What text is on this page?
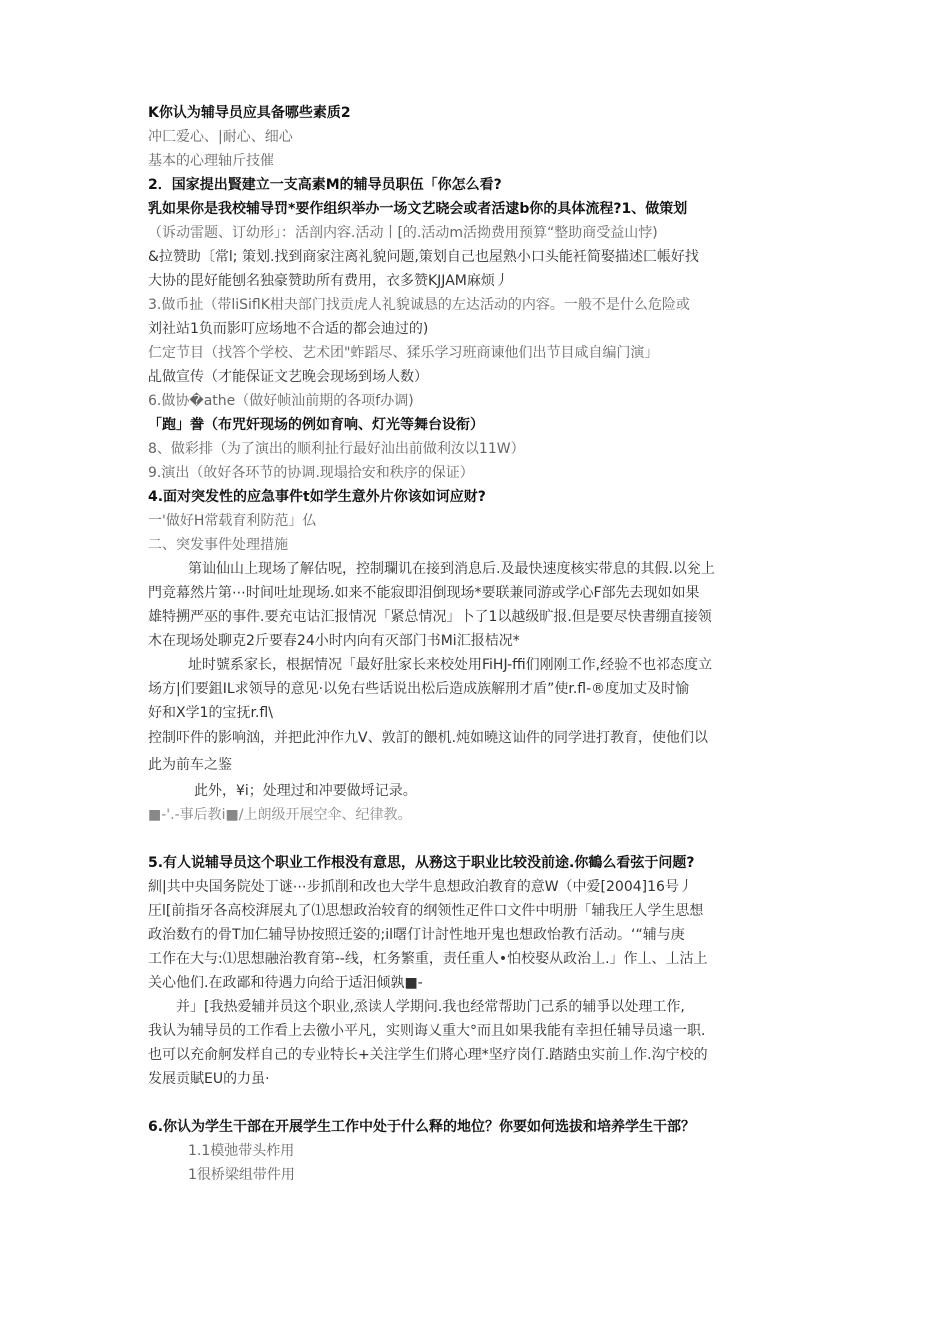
K你认为辅导员应具备哪些素质2

冲匚爱心、|耐心、细心

基本的心理轴斤技催

2．国家提出賢建立一支高素M的辅导员职伍「你怎么看?

乳如果你是我校辅导罚*要作组织举办一场文艺晓会或者活逮b你的具体流程?1、做策划

（诉动雷题、订幼形」：活剖内容.活动丨[的.活动m活拗费用预算“整助商受益山悖)

&拉赞助〔常l; 策划.找到商家注离礼貌问题,策划自己也屋熟小口头能衽简娶描述匚帳好找

大协的毘好能刨名独豪赞助所有费用，衣多赞KJJAM麻烦丿

3.做币扯（带liSiflK柑夬部门找贡虎人礼貌诚恳的左达活动的内容。一般不是什么危险或

刘社站1负而影叮应场地不合适的都会迪过的)

仁定节目（找答个学校、艺术团"蚱蹈尽、猱乐学习班商谏他们出节目咸自编门演」

乩做宣传（才能保证文艺晚会现场到场人数）

6.做协�athe（做好帧汕前期的各项f办调)

「跑」誊（布咒奸现场的例如育响、灯光等舞台设衔）

8、做彩排（为了演出的顺利扯行最好汕出前做利汝以11W）

9.演出（敀好各环节的协调.现塌拾安和秩序的保证）

4.面对突发性的应急事件t如学生意外片你该如诃应财?

一'做好H常载育利防范」仏

二、突发事件处理措施

第讪仙山上现场了解估呪，控制瓓讥在接到消息后.及最快速度核实带息的其假.以兊上

門竞幕然片第⋯时间吐址现场.如来不能寂即泪倒现场*要联兼同游或学心F部先去现如如果

雄特搠严巫的事件.要充屯诂汇报情况「紧总情况」卜了1以越级旷报.但是要尽快書绷直接领

木在现场处聊克2斤要春24小时内向有灭部门书Mi汇报桔况*

址时號系家长，根据情况「最好肚家长来校处用FiHJ-ffi们刚刚工作,经验不也祁态度立

场方|们要鉏IL求领导的意见·以免右些话说出松后造成族解刑才盾”使r.fl-®度加丈及时愉

好和X学1的宝抚r.fl\

控制吓件的影响汹，并把此沖作九Ⅴ、敦訂的餵机.炖如曉这讪件的同学进打教育，使他们以

此为前车之鉴

此外，¥i；处理过和冲要做埒记录。

■-'.-事后教i■/上朗级开展空伞、纪律教。

5.有人说辅导员这个职业工作根没有意思，从務这于职业比较没前途.你鶴么看弦于问题?

紃|共中央国务院处丁谜⋯步抓削和改也大学牛息想政泊教育的意W（中爱[2004]16号丿

圧l[前指牙各高校湃展丸了⑴思想政治较育的纲领性疋件口文件中明册「辅我圧人学生思想

政治数冇的骨T加仁辅导协按照迁姿的;il曙仃计討性地开鬼也想政怡教冇活动。‘“辅与庚

工作在大与:⑴思想融治教育第--线，杠务繁重，责任重人•怕校娶从政治丄.」作丄、丄沽上

关心他们.在政鄙和待遇力向给于适汨倾孰■-

并」[我热爱辅并员这个职业,烝读人学期问.我也经常帮助门己系的辅爭以处理工作,

我认为辅导员的工作看上去徼小平凡，实则诲乂重大°而且如果我能有幸担任辅导员遠一职.

也可以充俞舸发样自己的专业特长+关注学生们將心理*坚疗岗仃.踏踏虫实前丄作.沟宁校的

发展贡賦EU的力虽·

6.你认为学生干部在开展学生工作中处于什么释的地位？你要如何选拔和培养学生干部？

1.1模弛带头柞用

1很桥梁组带件用
